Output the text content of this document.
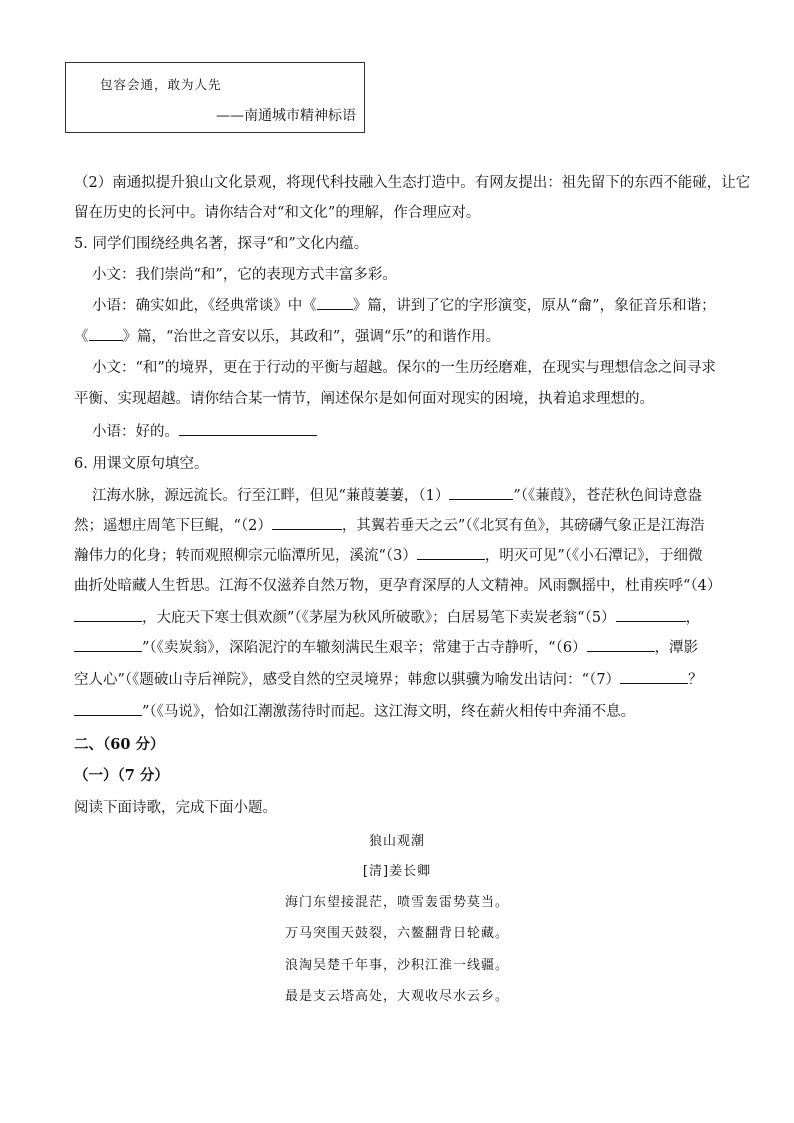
包容会通，敢为人先
——南通城市精神标语
（2）南通拟提升狼山文化景观，将现代科技融入生态打造中。有网友提出：祖先留下的东西不能碰，让它
留在历史的长河中。请你结合对“和文化”的理解，作合理应对。
5. 同学们围绕经典名著，探寻“和”文化内蕴。
小文：我们崇尚“和”，它的表现方式丰富多彩。
小语：确实如此，《经典常谈》中《 》篇，讲到了它的字形演变，原从“龠”，象征音乐和谐；
《 》篇，“治世之音安以乐，其政和”，强调“乐”的和谐作用。
小文：“和”的境界，更在于行动的平衡与超越。保尔的一生历经磨难，在现实与理想信念之间寻求
平衡、实现超越。请你结合某一情节，阐述保尔是如何面对现实的困境，执着追求理想的。
小语：好的。
6. 用课文原句填空。
江海水脉，源远流长。行至江畔，但见“蒹葭萋萋，（1）	”（《蒹葭》，苍茫秋色间诗意盎
然；遥想庄周笔下巨鲲，“（2）	，其翼若垂天之云”（《北冥有鱼》，其磅礴气象正是江海浩
瀚伟力的化身；转而观照柳宗元临潭所见，溪流“（3）	，明灭可见”（《小石潭记》，于细微
曲折处暗藏人生哲思。江海不仅滋养自然万物，更孕育深厚的人文精神。风雨飘摇中，杜甫疾呼“（4）
，大庇天下寒士俱欢颜”（《茅屋为秋风所破歌》；白居易笔下卖炭老翁“（5）	，
”（《卖炭翁》，深陷泥泞的车辙刻满民生艰辛；常建于古寺静听，“（6）	，潭影
空人心”（《题破山寺后禅院》，感受自然的空灵境界；韩愈以骐骥为喻发出诘问：“（7）	？
”（《马说》，恰如江潮激荡待时而起。这江海文明，终在薪火相传中奔涌不息。
二、（60 分）
（一）（7 分）
阅读下面诗歌，完成下面小题。
狼山观潮
[清]姜长卿
海门东望接混茫，喷雪轰雷势莫当。
万马突围天鼓裂，六鳌翻背日轮藏。
浪淘吴楚千年事，沙积江淮一线疆。
最是支云塔高处，大观收尽水云乡。
